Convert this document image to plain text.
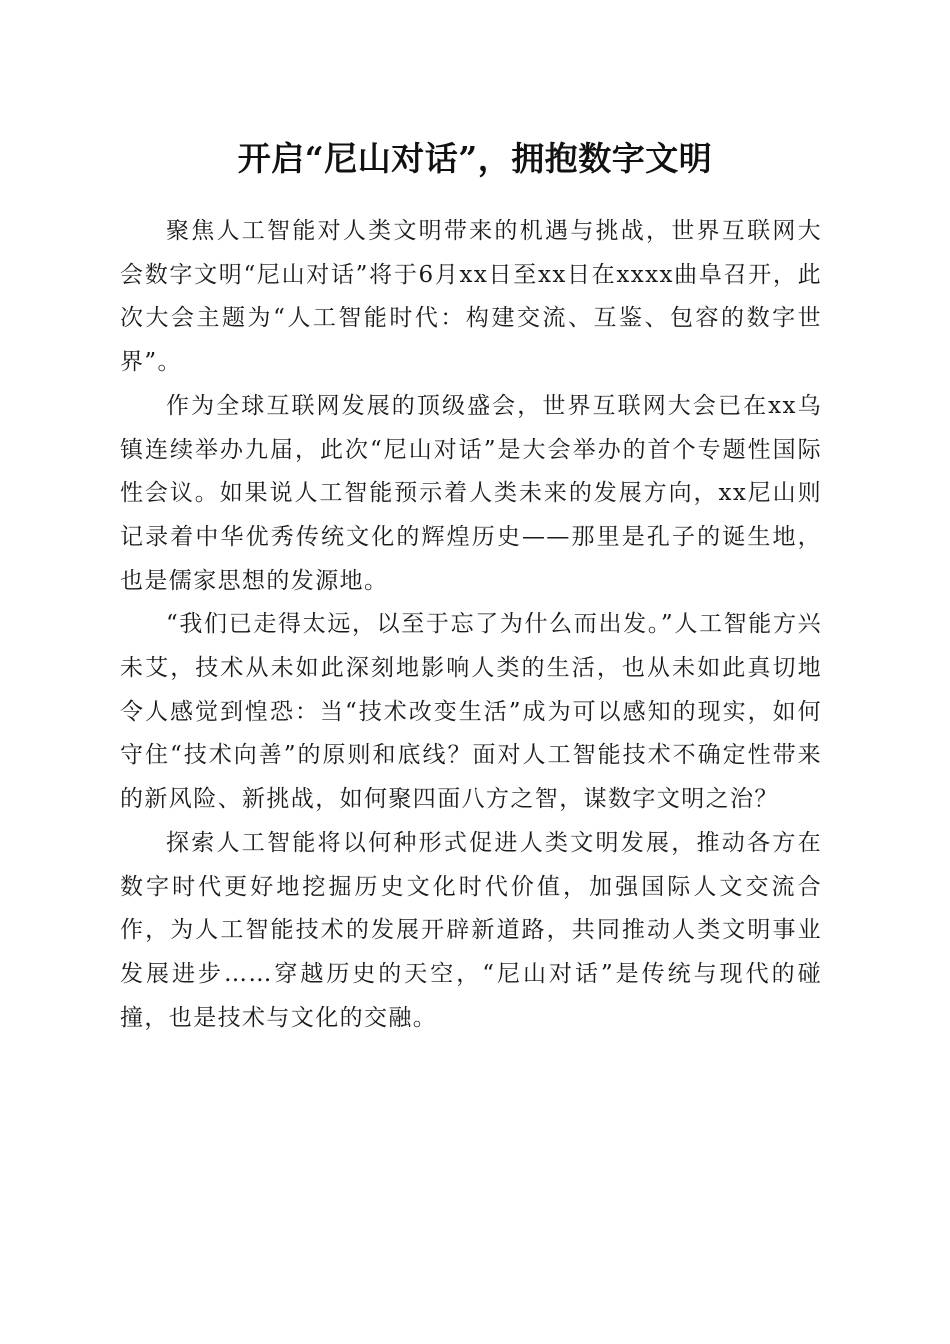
开启“尼山对话”，拥抱数字文明

聚焦人工智能对人类文明带来的机遇与挑战，世界互联网大会数字文明“尼山对话”将于6月xx日至xx日在xxxx曲阜召开，此次大会主题为“人工智能时代：构建交流、互鉴、包容的数字世界”。

作为全球互联网发展的顶级盛会，世界互联网大会已在xx乌镇连续举办九届，此次“尼山对话”是大会举办的首个专题性国际性会议。如果说人工智能预示着人类未来的发展方向，xx尼山则记录着中华优秀传统文化的辉煌历史——那里是孔子的诞生地，也是儒家思想的发源地。

“我们已走得太远，以至于忘了为什么而出发。”人工智能方兴未艾，技术从未如此深刻地影响人类的生活，也从未如此真切地令人感觉到惶恐：当“技术改变生活”成为可以感知的现实，如何守住“技术向善”的原则和底线？面对人工智能技术不确定性带来的新风险、新挑战，如何聚四面八方之智，谋数字文明之治？

探索人工智能将以何种形式促进人类文明发展，推动各方在数字时代更好地挖掘历史文化时代价值，加强国际人文交流合作，为人工智能技术的发展开辟新道路，共同推动人类文明事业发展进步……穿越历史的天空，“尼山对话”是传统与现代的碰撞，也是技术与文化的交融。
